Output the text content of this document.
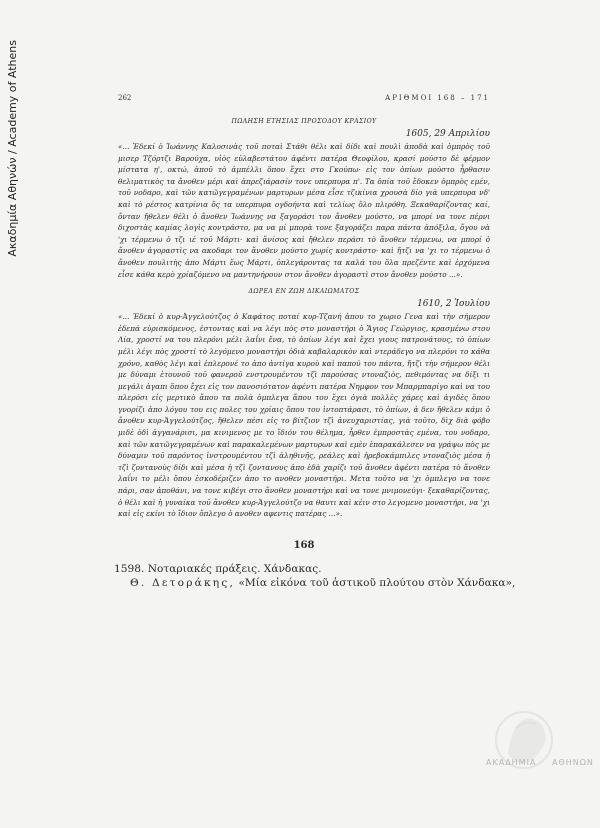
Ακαδημία Αθηνών / Academy of Athens	262	ΑΡΙΘΜΟΙ 168 – 171
ΠΩΛΗΣΗ ΕΤΗΣΙΑΣ ΠΡΟΣΟΔΟΥ ΚΡΑΣΙΟΥ
1605, 29 Απριλίου

«... Ἐδεκί ὁ Ἰωάννης Καλοσινὰς τοῦ ποταὶ Στάθι θέλι καὶ δίδι καὶ πουλὶ ἀποδὰ καὶ ὀμπρὸς τοῦ μισερ Τζόρτζι Βαρούχα, υἱὸς εὐλαβεστάτου ἀφέντι πατέρα Θεοφίλου, κρασί μούστο δὲ φέρμον μίστατα η', οκτώ, ἀποῦ τὸ ἀμπέλλι ὅπου ἔχει στο Γκούπω· εἰς τον ὁπίων μούστο ἦρθασιν θελιματικὸς τα ἄνοθεν μέρι καὶ ἀπρεζιάρασίν τονε υπερπυρα π'. Τα ὁπία τοῦ ἔδοκεν ὀμπρὸς εμέν, τοῦ νοδαρο, καὶ τῶν κατῶγεγραμένων μαρτυρων μέσα εἶσε τζικίνια χρουσὰ δίο γιὰ υπερπυρα νδ' καὶ τὸ ρέστος κατρίνια ὅς τα υπερπυρα ογδοήντα καὶ τελίως ὅλο πλιρόθη. Ξεκαθαρίζοντας καί, ὄνταν ἤθελεν θέλι ὁ ἄνοθεν Ἰωάννης να ξαγοράσι τον ἄνοθεν μούστο, να μπορί να τονε πέρνι διχοστὰς καμίας λογὶς κοντράστο, μα να μί μπορὰ τονε ξαγοράζει παρα πάντα ἀπόξιλα, ὄγου νὰ 'χι τέρμενω ὁ τζι ιέ τοῦ Μάρτι· καὶ ἄνίσος καὶ ἤθελεν περάσι τὸ ἄνοθεν τέρμενω, να μπορί ὁ ἄνοθεν ἀγοραστὶς να ακοδαρι τον ἄνοθεν μούστο χωρίς κοντράστο· καὶ ἤτζι να 'χι το τέρμενω ὁ ἄνοθεν πουλιτὴς ἀπο Μάρτι ἕως Μάρτι, ὀπλεγάροντας τα καλά του ὅλα πρεζέντε καὶ ἐρχόμενα εἶσε κάθα κερὸ χρίαζόμενο να μαντηνήρουν στον ἄνοθεν ἀγοραστὶ στον ἄνοθεν μούστο ...».

ΔΩΡΕΑ ΕΝ ΖΩΗ ΔΙΚΑΙΩΜΑΤΟΣ
1610, 2 Ἰουλίου

«... Ἐδεκί ὁ κυρ-Ἀγγελούτζος ὁ Καφάτος ποταί κυρ-Τζανή ἀπου το χωριο Γενα καὶ τὴν σήμερον ἐδεπά εὑρισκόμενος, ἐστοντας καὶ να λέγι πὸς στο μοναστήρι ὁ Ἅγιος Γεώργιος, κρασμένω στου Λία, χροστί να του πλερόνι μέλι λαΐνι ἕνα, τὸ ὁπίων λέγι καὶ ἔχει γιους πατρονάτους, τὸ ὁπίων μέλι λέγι πὸς χροστί τὸ λεγόμενο μοναστήρι ὀδιὰ καβαλαρικὸν καὶ ντεράδεγο να πλερόνι το κάθα χρόνο, καθὸς λέγι καὶ ἐπλερονέ το ἀπο ἀντίγα κυροὺ καὶ παπού του πάντα, ἤτζι τὴν σήμερον θέλι με δύναμι ἐτουνοῦ τοῦ φανεροῦ ενστρουμέντου τζὶ παρούσας ντοναζιὸς, πεθιμόντας να δίξι τι μεγάλι ἀγαπι ὅπου ἔχει εἰς τον πανοσιότατον ἀφέντι πατέρα Νημφον τον Μπαρμπαρίγο καὶ να του πλερόσι εἰς μερτικὸ ἄπου τα πολὰ ὀμπλεγα ἄπου του ἔχει ὀγιὰ πολλὲς χάρες καὶ ἀγιδὲς ὅπου γνορίζι ἀπο λόγου του εις πολες του χρίαις ὅπου του ἰντοπτάρασι, τὸ ὁπίων, ἀ δεν ἤθελεν κάμι ὁ ἄνοθεν κυρ-Ἀγγελούτζος, ἤθελεν πέσι εἰς το βίτζιον τζὶ ἀνευχαριστίας, γιὰ τοῦτο, δὶχ διὰ φόβο μιδὲ ὀδὶ ἀγγανάρισι, μα κινιμενος με το ἴδιόν του θέλημα, ἦρθεν ἐμπροστὰς εμένα, του νοδαρο, καὶ τῶν κατῶγεγραμένων καὶ παρακαλεμένων μαρτυρων καὶ εμὲν ἐπαρακάλεσεν να γράψω πὸς με δύναμιν τοῦ παρόντος ἰνστρουμέντου τζὶ ἀληθινῆς, ρεάλες καὶ ἠρεβοκάμπιλες ντοναζιὸς μέσα ἡ τζὶ ζοντανοὺς δίδι καὶ μέσα ἡ τζὶ ζοντανους ἀπο ἐδὰ χαρίζι τοῦ ἄνοθεν ἀφέντι πατέρα τὸ ἄνοθεν λαΐνι το μέλι ὅπου ἐσκοδέριζεν ἀπο το ανοθεν μοναστήρι. Μετα τοῦτο να 'χι ὀμπλεγο να τονε πάρι, σαν ἀποθάνι, να τονε κιβέγι στο ἄνοθεν μοναστήρι καὶ να τονε μνιμονεύγι· ξεκαθαρίζοντας, ὁ θέλι καὶ ἡ γυναίκα τοῦ ἄνοθεν κυρ-Ἀγγελούτζο να θαυτι καὶ κέιν στο λεγομενο μοναστήρι, να 'χι καὶ εἰς εκίνι τὸ ἴδιον ὄπλεγο ὁ ανοθεν αφεντις πατέρας ...».

168
1598. Νοταριακές πράξεις. Χάνδακας.
Θ. Δετοράκης, «Μία εἰκόνα τοῦ ἀστικοῦ πλούτου στὸν Χάνδακα»,
ΑΚΑΔΗΜΙΑ ΑΘΗΝΩΝ
